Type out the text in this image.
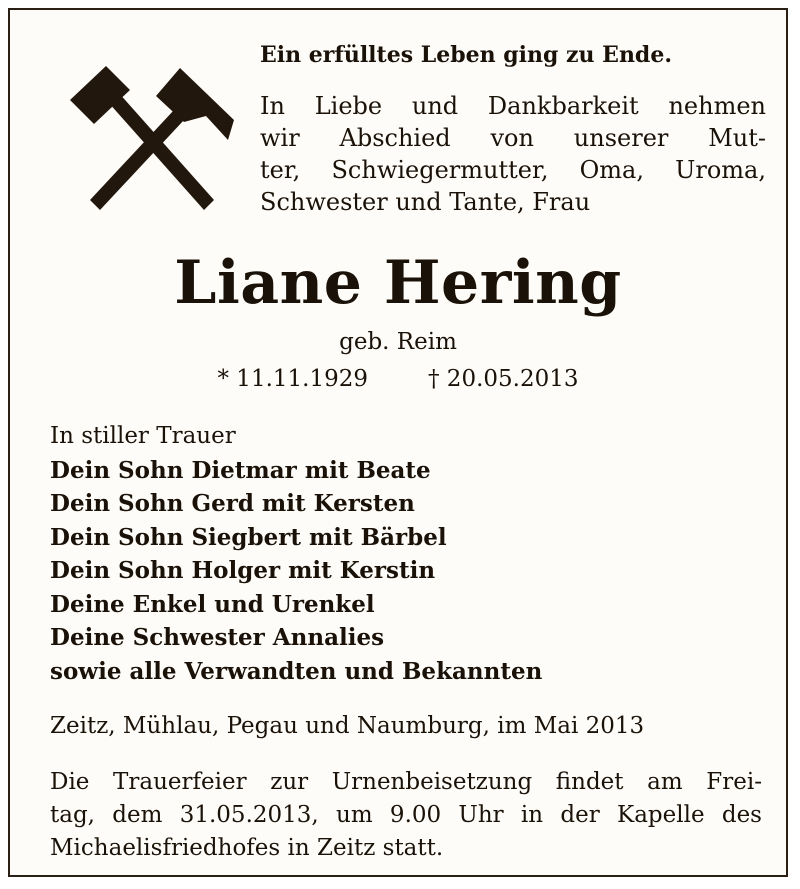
Ein erfülltes Leben ging zu Ende.

In Liebe und Dankbarkeit nehmen
wir Abschied von unserer Mut-
ter, Schwiegermutter, Oma, Uroma,
Schwester und Tante, Frau

Liane Hering
geb. Reim
* 11.11.1929	† 20.05.2013
In stiller Trauer
Dein Sohn Dietmar mit Beate
Dein Sohn Gerd mit Kersten
Dein Sohn Siegbert mit Bärbel
Dein Sohn Holger mit Kerstin
Deine Enkel und Urenkel
Deine Schwester Annalies
sowie alle Verwandten und Bekannten
Zeitz, Mühlau, Pegau und Naumburg, im Mai 2013
Die Trauerfeier zur Urnenbeisetzung findet am Frei-
tag, dem 31.05.2013, um 9.00 Uhr in der Kapelle des
Michaelisfriedhofes in Zeitz statt.
